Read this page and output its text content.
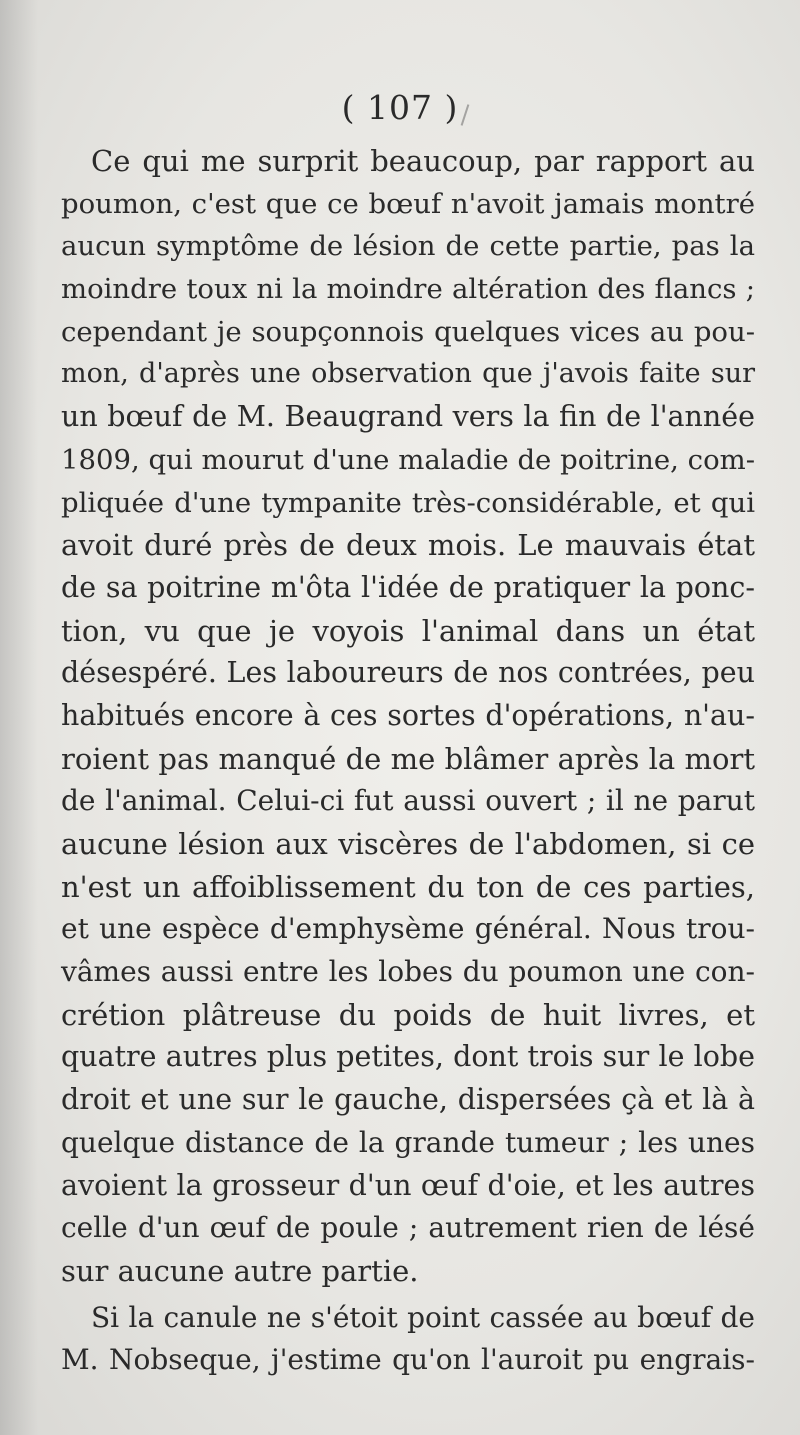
( 107 )
Ce qui me surprit beaucoup, par rapport au
poumon, c'est que ce bœuf n'avoit jamais montré
aucun symptôme de lésion de cette partie, pas la
moindre toux ni la moindre altération des flancs ;
cependant je soupçonnois quelques vices au pou-
mon, d'après une observation que j'avois faite sur
un bœuf de M. Beaugrand vers la fin de l'année
1809, qui mourut d'une maladie de poitrine, com-
pliquée d'une tympanite très-considérable, et qui
avoit duré près de deux mois. Le mauvais état
de sa poitrine m'ôta l'idée de pratiquer la ponc-
tion, vu que je voyois l'animal dans un état
désespéré. Les laboureurs de nos contrées, peu
habitués encore à ces sortes d'opérations, n'au-
roient pas manqué de me blâmer après la mort
de l'animal. Celui-ci fut aussi ouvert ; il ne parut
aucune lésion aux viscères de l'abdomen, si ce
n'est un affoiblissement du ton de ces parties,
et une espèce d'emphysème général. Nous trou-
vâmes aussi entre les lobes du poumon une con-
crétion plâtreuse du poids de huit livres, et
quatre autres plus petites, dont trois sur le lobe
droit et une sur le gauche, dispersées çà et là à
quelque distance de la grande tumeur ; les unes
avoient la grosseur d'un œuf d'oie, et les autres
celle d'un œuf de poule ; autrement rien de lésé
sur aucune autre partie.
Si la canule ne s'étoit point cassée au bœuf de
M. Nobseque, j'estime qu'on l'auroit pu engrais-
